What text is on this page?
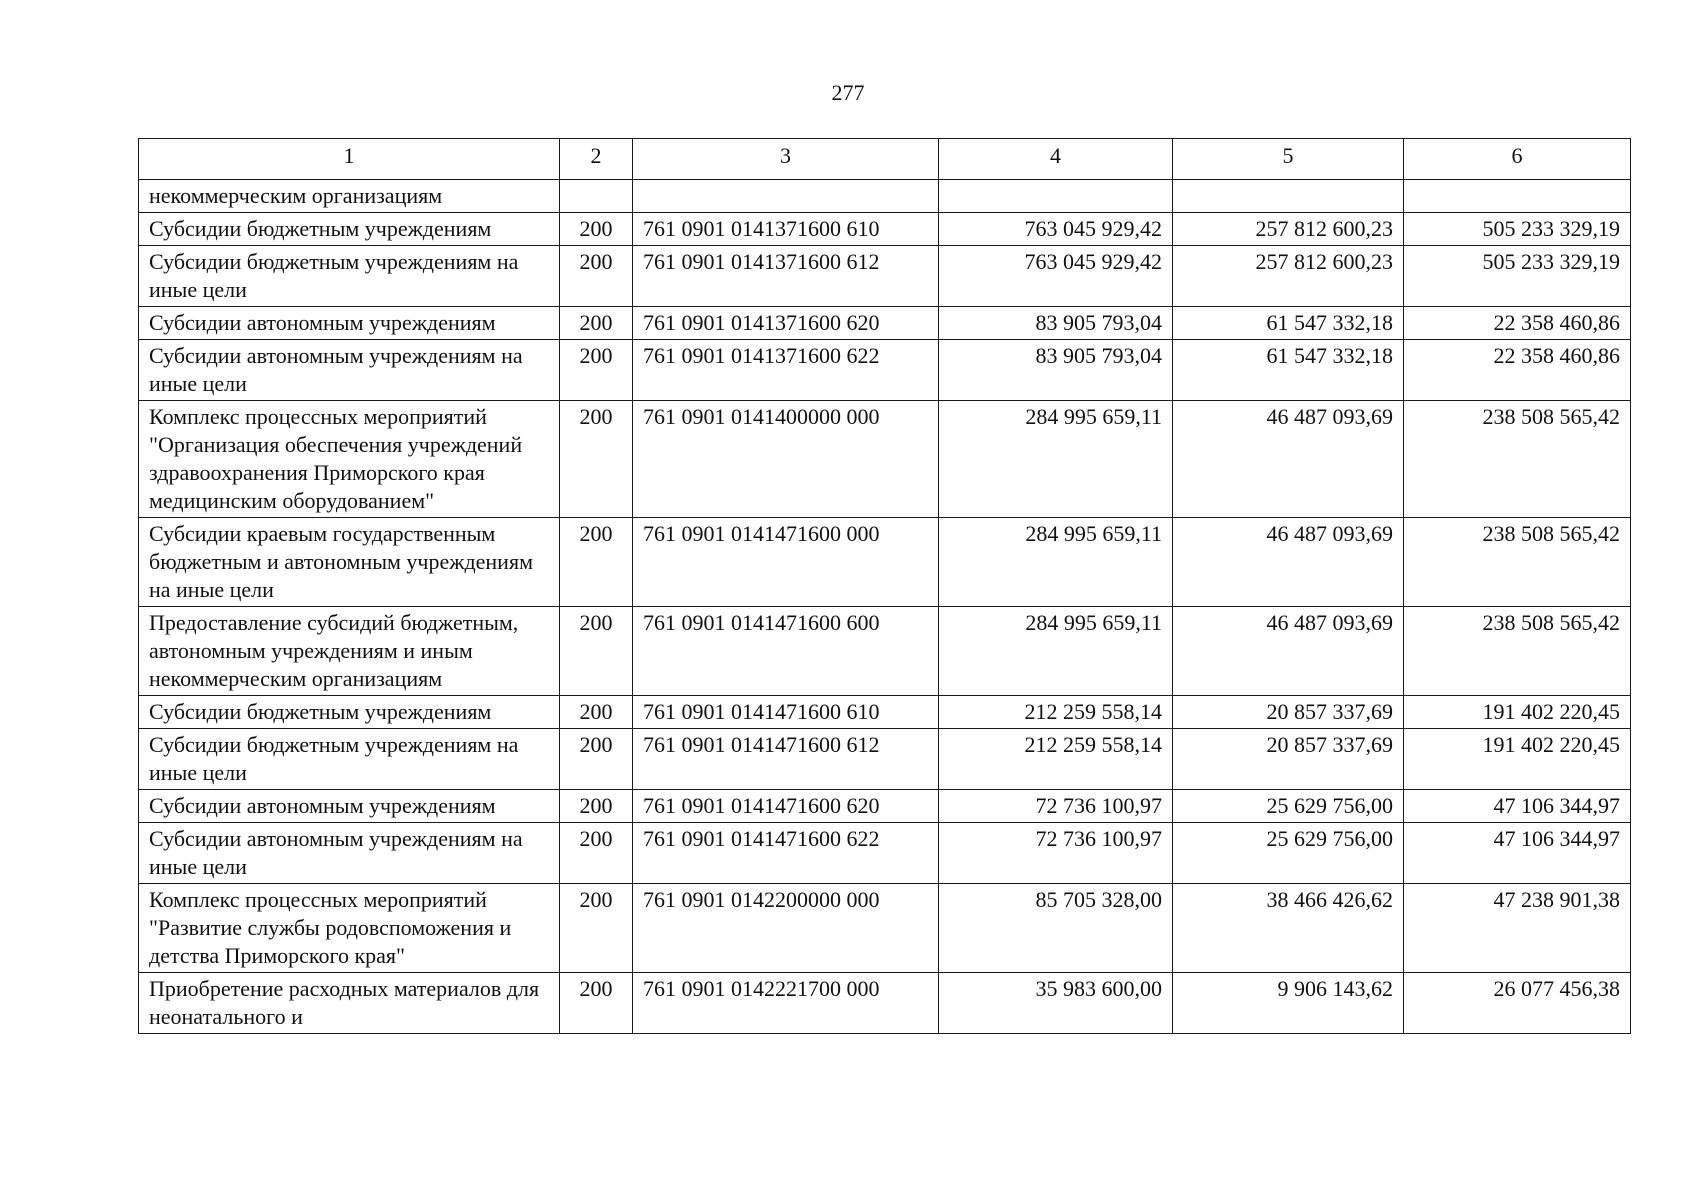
277
1	2	3	4	5	6
некоммерческим организациям					
Субсидии бюджетным учреждениям	200	761 0901 0141371600 610	763 045 929,42	257 812 600,23	505 233 329,19
Субсидии бюджетным учреждениям на иные цели	200	761 0901 0141371600 612	763 045 929,42	257 812 600,23	505 233 329,19
Субсидии автономным учреждениям	200	761 0901 0141371600 620	83 905 793,04	61 547 332,18	22 358 460,86
Субсидии автономным учреждениям на иные цели	200	761 0901 0141371600 622	83 905 793,04	61 547 332,18	22 358 460,86
Комплекс процессных мероприятий "Организация обеспечения учреждений здравоохранения Приморского края медицинским оборудованием"	200	761 0901 0141400000 000	284 995 659,11	46 487 093,69	238 508 565,42
Субсидии краевым государственным бюджетным и автономным учреждениям на иные цели	200	761 0901 0141471600 000	284 995 659,11	46 487 093,69	238 508 565,42
Предоставление субсидий бюджетным, автономным учреждениям и иным некоммерческим организациям	200	761 0901 0141471600 600	284 995 659,11	46 487 093,69	238 508 565,42
Субсидии бюджетным учреждениям	200	761 0901 0141471600 610	212 259 558,14	20 857 337,69	191 402 220,45
Субсидии бюджетным учреждениям на иные цели	200	761 0901 0141471600 612	212 259 558,14	20 857 337,69	191 402 220,45
Субсидии автономным учреждениям	200	761 0901 0141471600 620	72 736 100,97	25 629 756,00	47 106 344,97
Субсидии автономным учреждениям на иные цели	200	761 0901 0141471600 622	72 736 100,97	25 629 756,00	47 106 344,97
Комплекс процессных мероприятий "Развитие службы родовспоможения и детства Приморского края"	200	761 0901 0142200000 000	85 705 328,00	38 466 426,62	47 238 901,38
Приобретение расходных материалов для неонатального и	200	761 0901 0142221700 000	35 983 600,00	9 906 143,62	26 077 456,38
